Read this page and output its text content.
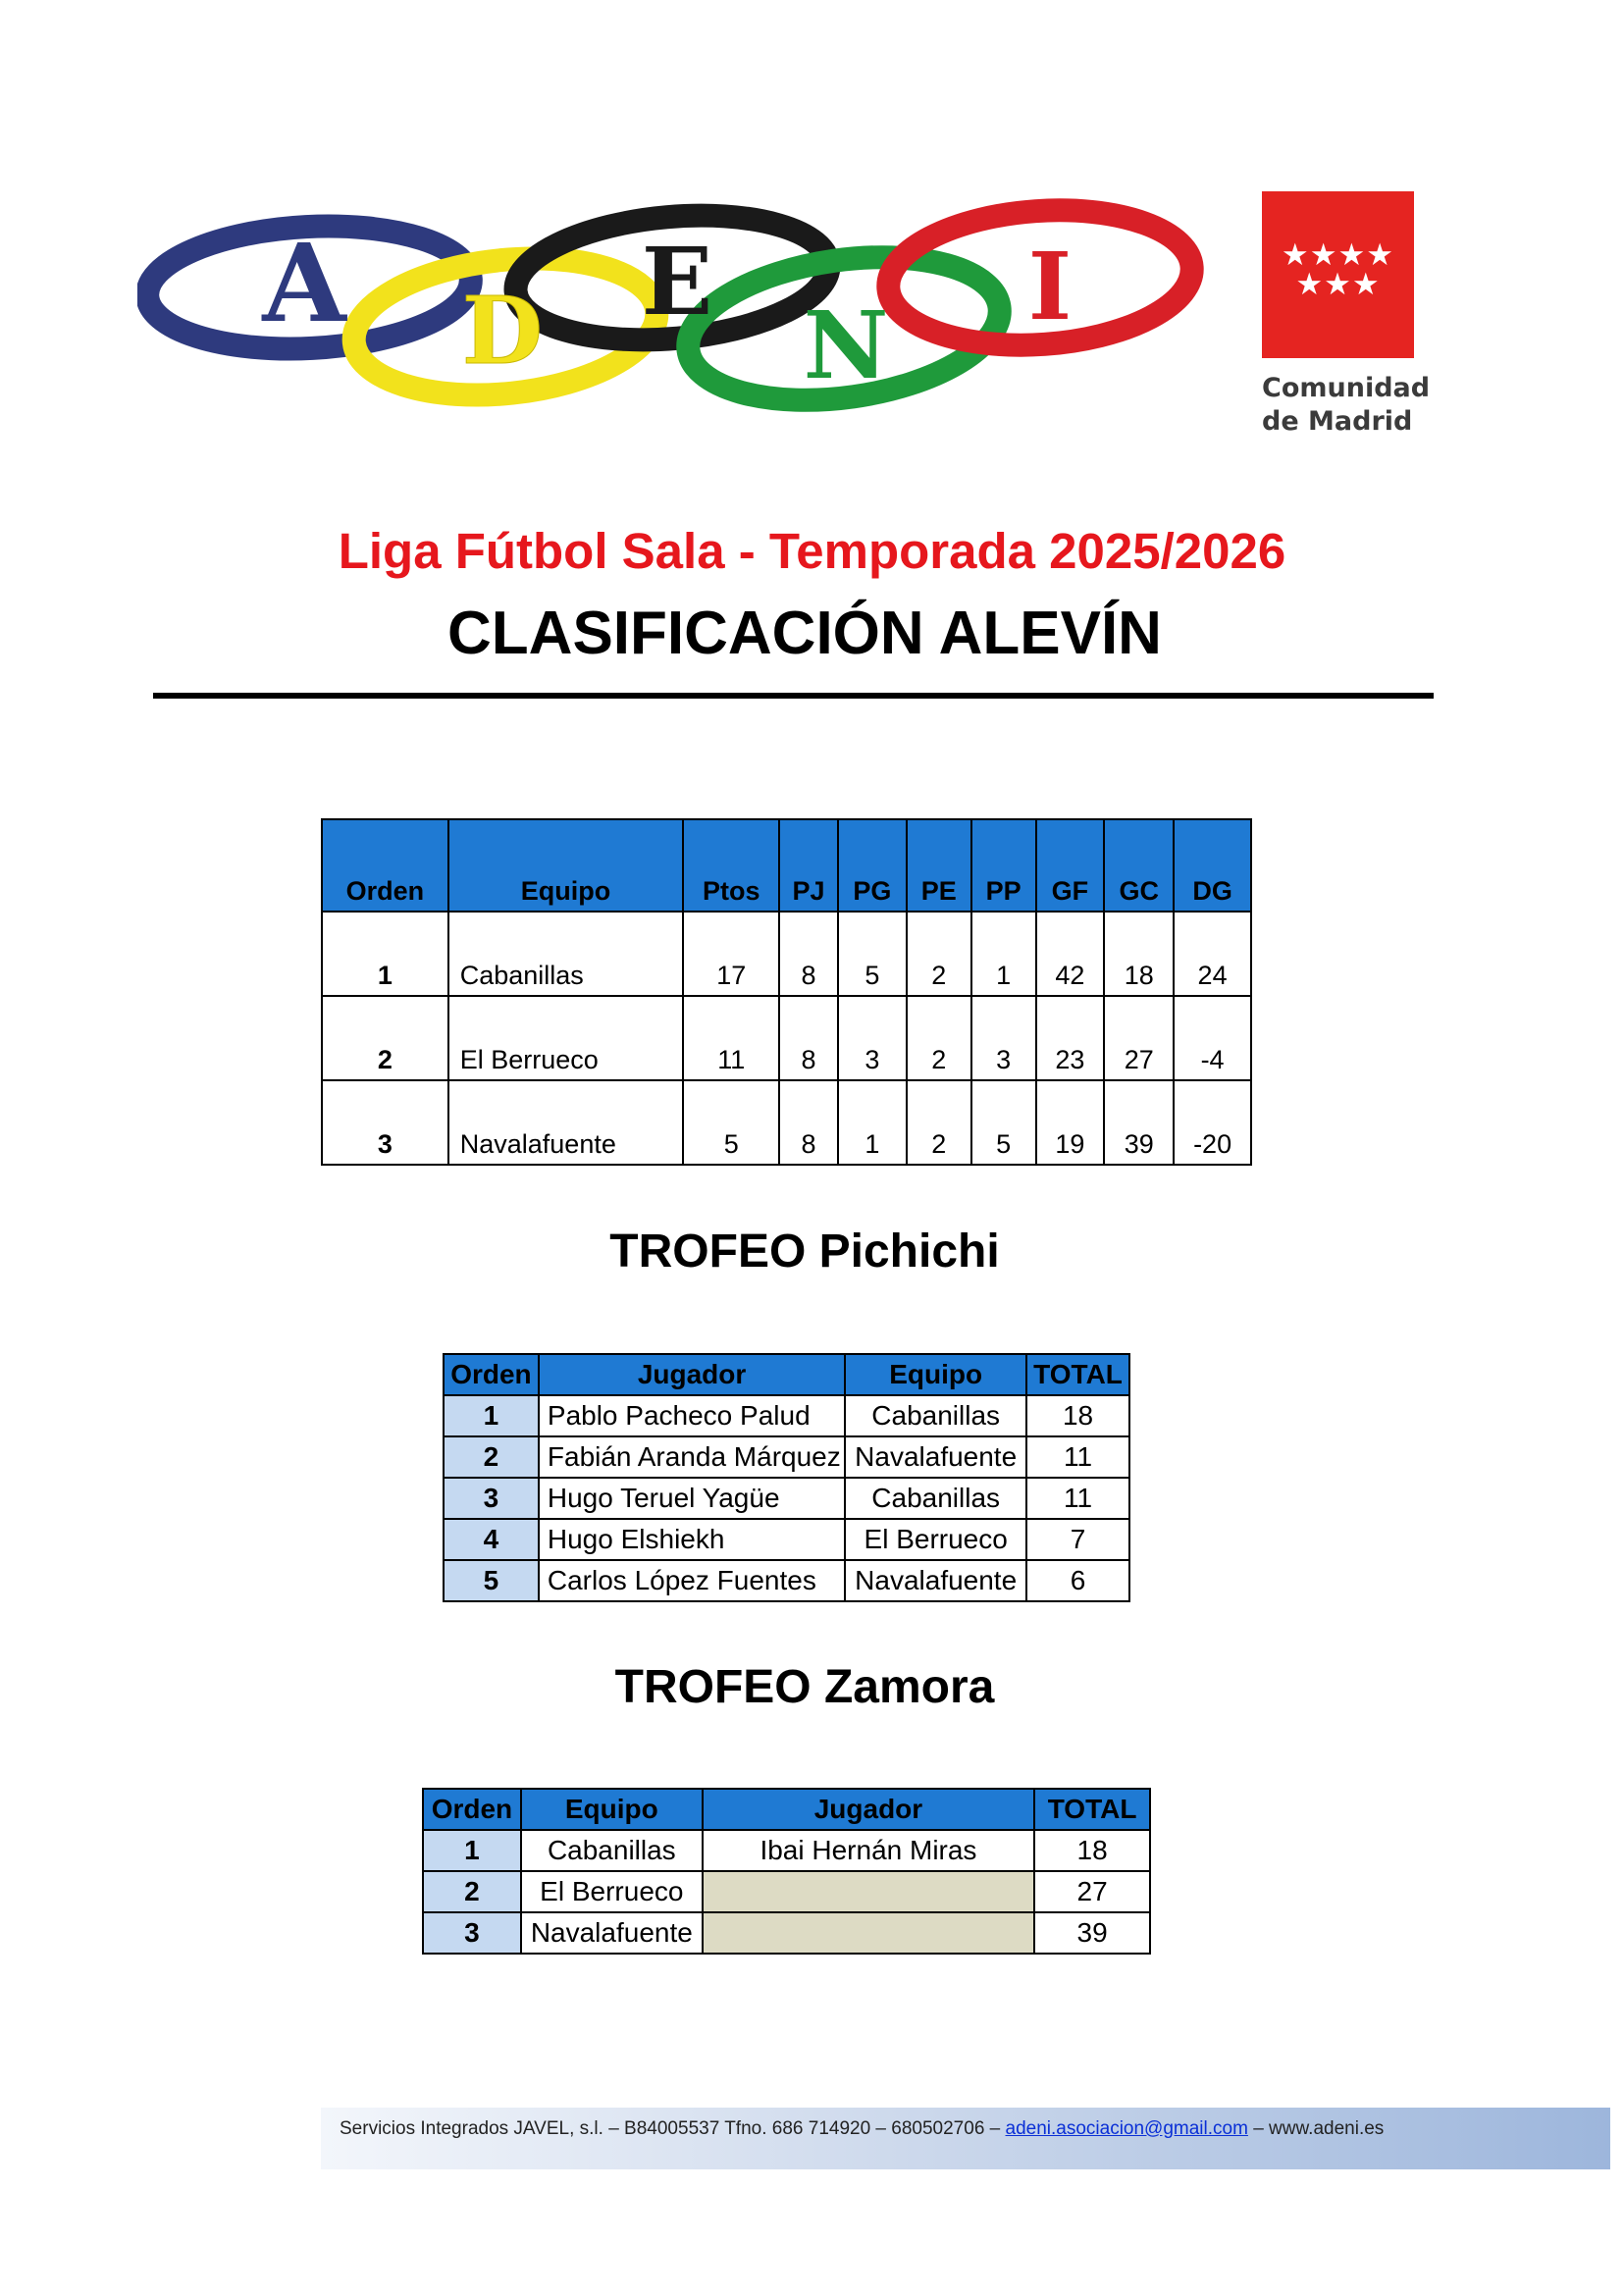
A D E
N
I	★★★★
★★★
Comunidad
de Madrid
Liga Fútbol Sala - Temporada 2025/2026
CLASIFICACIÓN ALEVÍN
Orden	Equipo	Ptos	PJ	PG	PE	PP	GF	GC	DG
1	Cabanillas	17	8	5	2	1	42	18	24
2	El Berrueco	11	8	3	2	3	23	27	-4
3	Navalafuente	5	8	1	2	5	19	39	-20
TROFEO Pichichi
Orden	Jugador	Equipo	TOTAL
1	Pablo Pacheco Palud	Cabanillas	18
2	Fabián Aranda Márquez	Navalafuente	11
3	Hugo Teruel Yagüe	Cabanillas	11
4	Hugo Elshiekh	El Berrueco	7
5	Carlos López Fuentes	Navalafuente	6
TROFEO Zamora
Orden	Equipo	Jugador	TOTAL
1	Cabanillas	Ibai Hernán Miras	18
2	El Berrueco		27
3	Navalafuente		39
Servicios Integrados JAVEL, s.l. – B84005537 Tfno. 686 714920 – 680502706 – adeni.asociacion@gmail.com – www.adeni.es
